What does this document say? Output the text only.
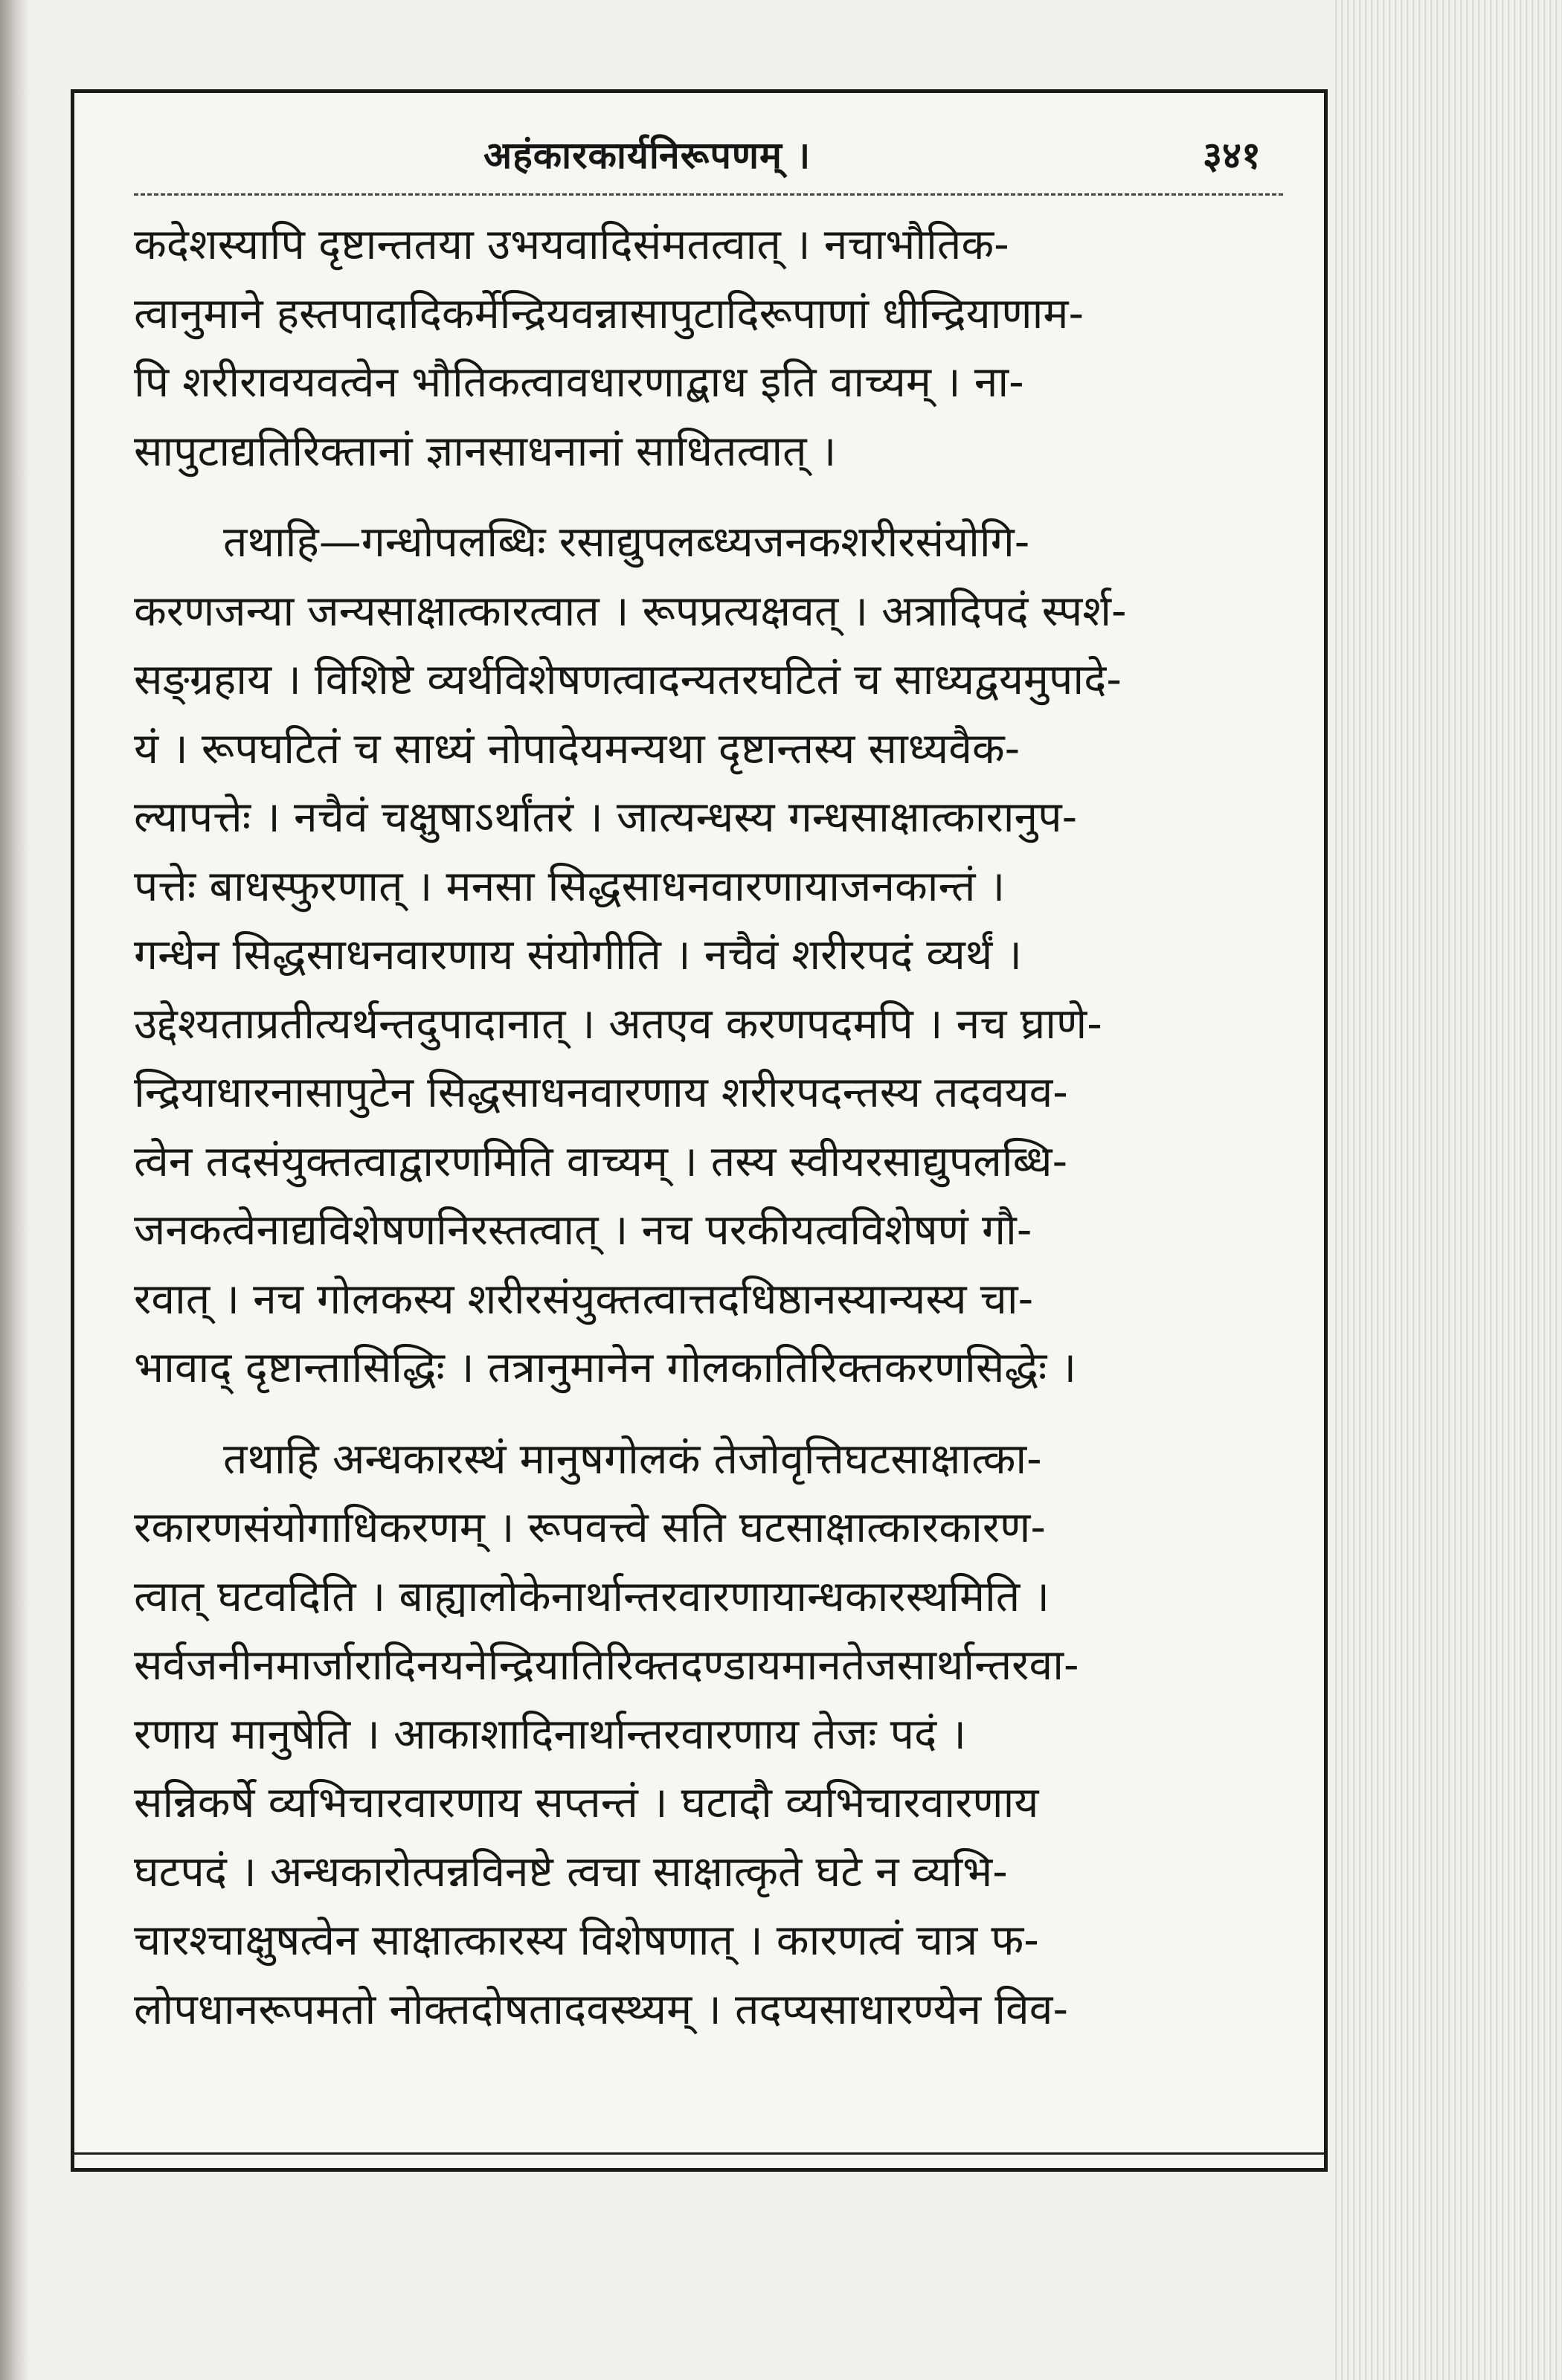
अहंकारकार्यनिरूपणम् ।	३४१

कदेशस्यापि दृष्टान्ततया उभयवादिसंमतत्वात् । नचाभौतिक-
त्वानुमाने हस्तपादादिकर्मेन्द्रियवन्नासापुटादिरूपाणां धीन्द्रियाणाम-
पि शरीरावयवत्वेन भौतिकत्वावधारणाद्बाध इति वाच्यम् । ना-
सापुटाद्यतिरिक्तानां ज्ञानसाधनानां साधितत्वात् ।

तथाहि—गन्धोपलब्धिः रसाद्युपलब्ध्यजनकशरीरसंयोगि-
करणजन्या जन्यसाक्षात्कारत्वात । रूपप्रत्यक्षवत् । अत्रादिपदं स्पर्श-
सङ्ग्रहाय । विशिष्टे व्यर्थविशेषणत्वादन्यतरघटितं च साध्यद्वयमुपादे-
यं । रूपघटितं च साध्यं नोपादेयमन्यथा दृष्टान्तस्य साध्यवैक-
ल्यापत्तेः । नचैवं चक्षुषाऽर्थांतरं । जात्यन्धस्य गन्धसाक्षात्कारानुप-
पत्तेः बाधस्फुरणात् । मनसा सिद्धसाधनवारणायाजनकान्तं ।
गन्धेन सिद्धसाधनवारणाय संयोगीति । नचैवं शरीरपदं व्यर्थं ।
उद्देश्यताप्रतीत्यर्थन्तदुपादानात् । अतएव करणपदमपि । नच घ्राणे-
न्द्रियाधारनासापुटेन सिद्धसाधनवारणाय शरीरपदन्तस्य तदवयव-
त्वेन तदसंयुक्तत्वाद्वारणमिति वाच्यम् । तस्य स्वीयरसाद्युपलब्धि-
जनकत्वेनाद्यविशेषणनिरस्तत्वात् । नच परकीयत्वविशेषणं गौ-
रवात् । नच गोलकस्य शरीरसंयुक्तत्वात्तदधिष्ठानस्यान्यस्य चा-
भावाद् दृष्टान्तासिद्धिः । तत्रानुमानेन गोलकातिरिक्तकरणसिद्धेः ।

तथाहि अन्धकारस्थं मानुषगोलकं तेजोवृत्तिघटसाक्षात्का-
रकारणसंयोगाधिकरणम् । रूपवत्त्वे सति घटसाक्षात्कारकारण-
त्वात् घटवदिति । बाह्यालोकेनार्थान्तरवारणायान्धकारस्थमिति ।
सर्वजनीनमार्जारादिनयनेन्द्रियातिरिक्तदण्डायमानतेजसार्थान्तरवा-
रणाय मानुषेति । आकाशादिनार्थान्तरवारणाय तेजः पदं ।
सन्निकर्षे व्यभिचारवारणाय सप्तन्तं । घटादौ व्यभिचारवारणाय
घटपदं । अन्धकारोत्पन्नविनष्टे त्वचा साक्षात्कृते घटे न व्यभि-
चारश्चाक्षुषत्वेन साक्षात्कारस्य विशेषणात् । कारणत्वं चात्र फ-
लोपधानरूपमतो नोक्तदोषतादवस्थ्यम् । तदप्यसाधारण्येन विव-
